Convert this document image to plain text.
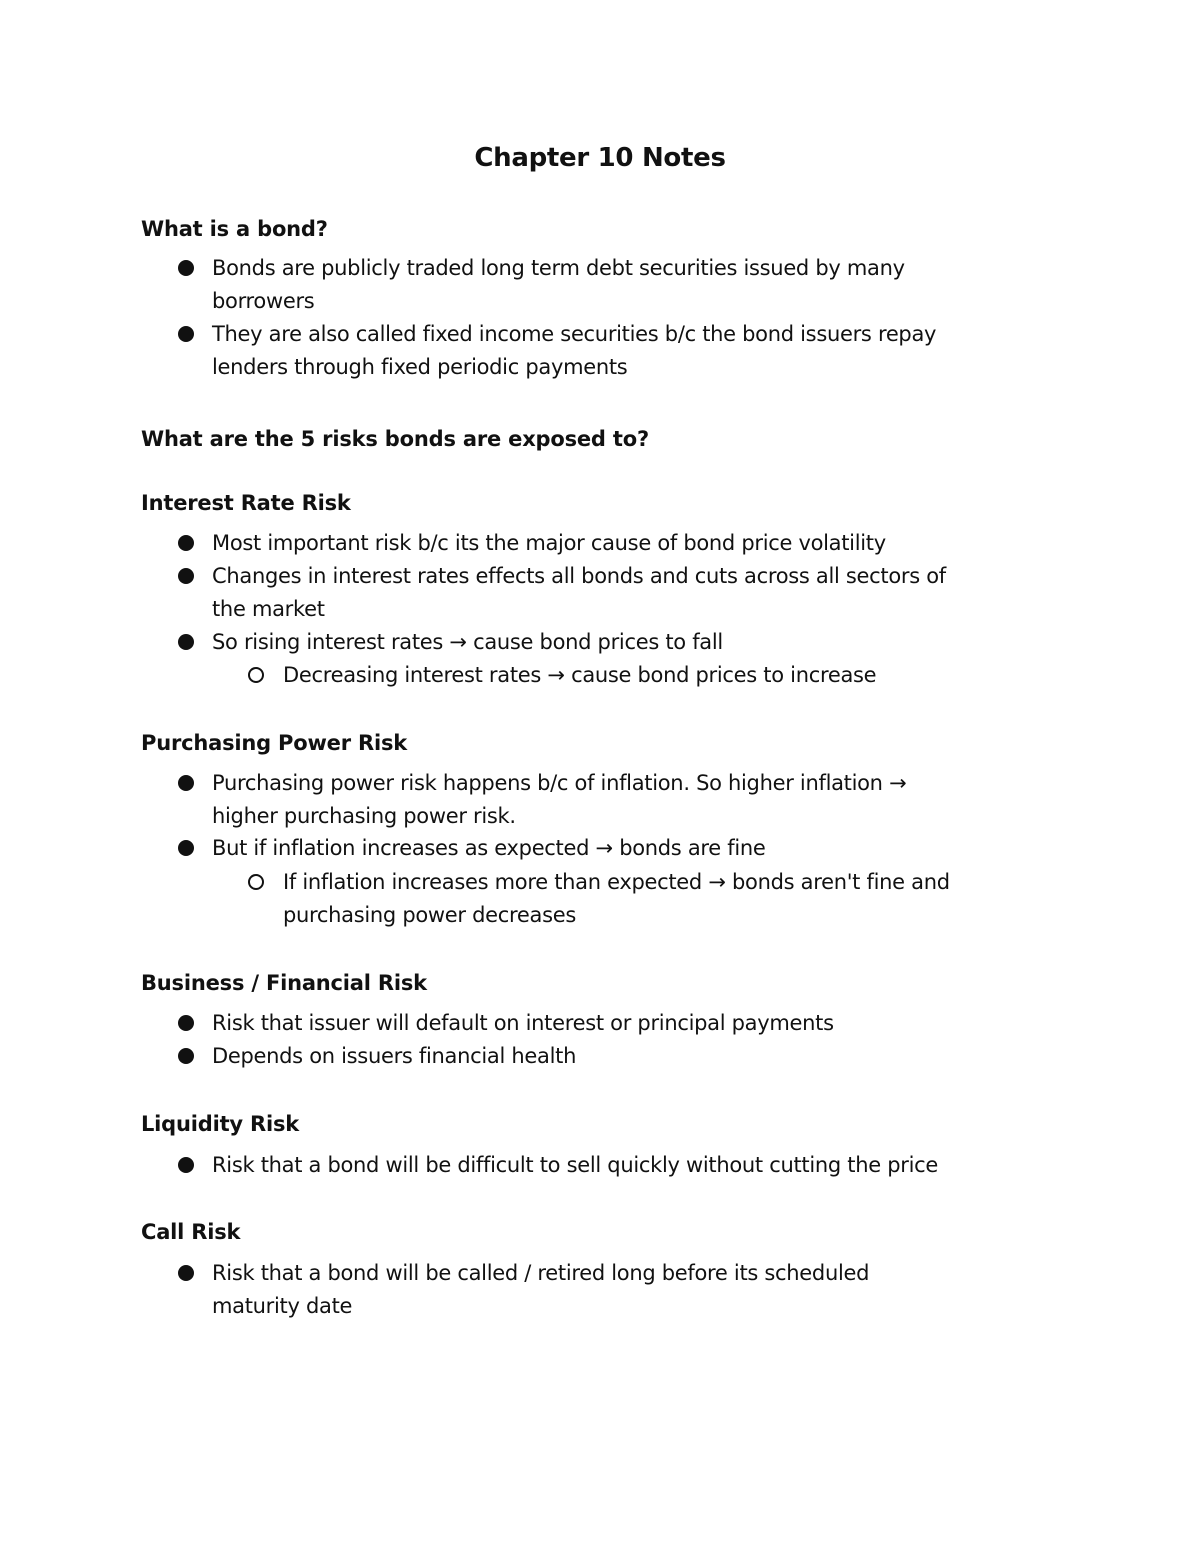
Chapter 10 Notes
What is a bond?
Bonds are publicly traded long term debt securities issued by many
borrowers
They are also called fixed income securities b/c the bond issuers repay
lenders through fixed periodic payments
What are the 5 risks bonds are exposed to?
Interest Rate Risk
Most important risk b/c its the major cause of bond price volatility
Changes in interest rates effects all bonds and cuts across all sectors of
the market
So rising interest rates → cause bond prices to fall
Decreasing interest rates → cause bond prices to increase
Purchasing Power Risk
Purchasing power risk happens b/c of inflation. So higher inflation →
higher purchasing power risk.
But if inflation increases as expected → bonds are fine
If inflation increases more than expected → bonds aren't fine and
purchasing power decreases
Business / Financial Risk
Risk that issuer will default on interest or principal payments
Depends on issuers financial health
Liquidity Risk
Risk that a bond will be difficult to sell quickly without cutting the price
Call Risk
Risk that a bond will be called / retired long before its scheduled
maturity date
